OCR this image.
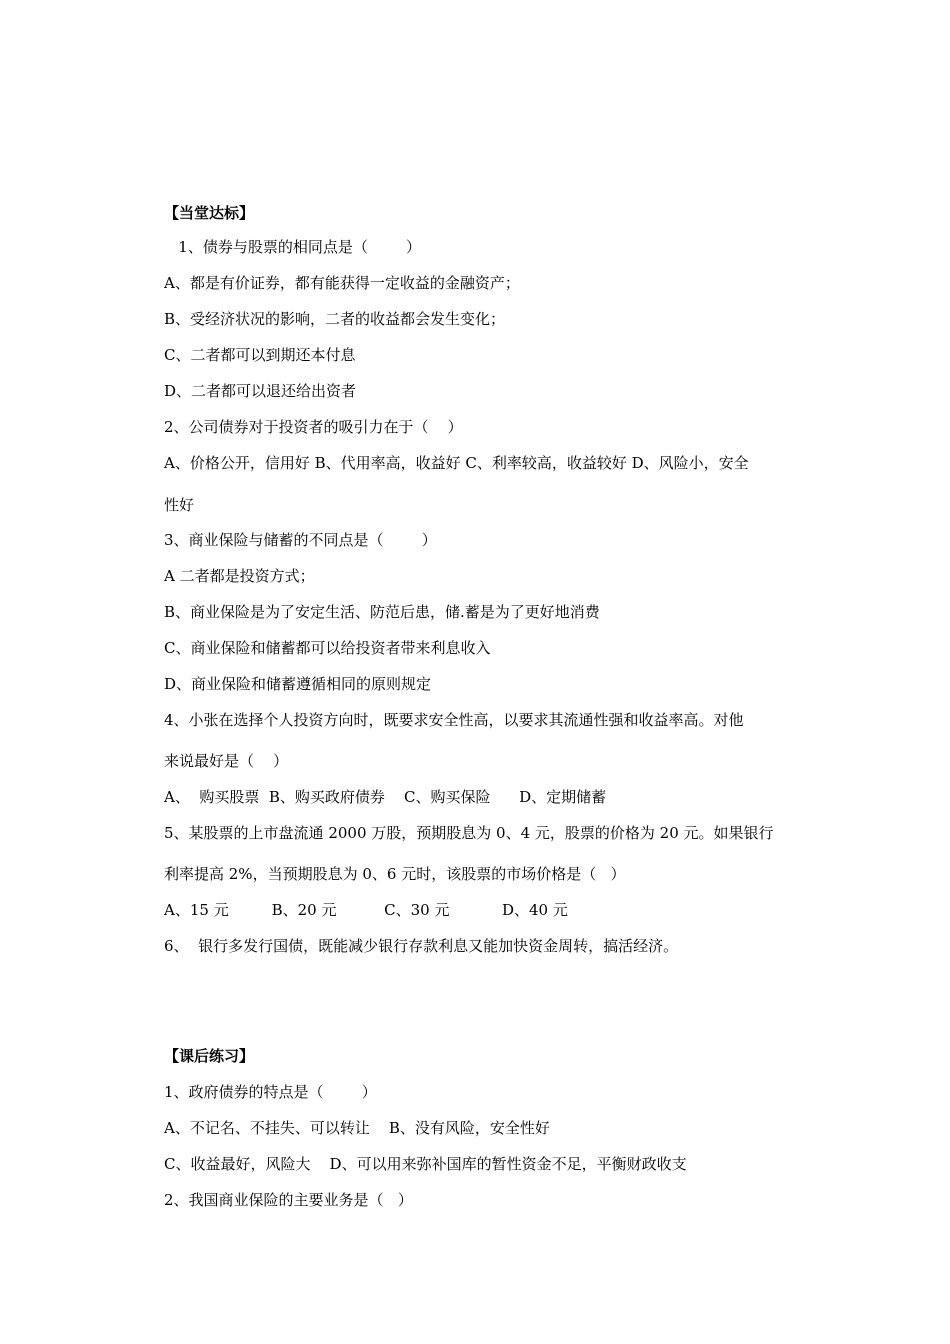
【当堂达标】
1、债券与股票的相同点是（        ）
A、都是有价证券，都有能获得一定收益的金融资产；
B、受经济状况的影响，二者的收益都会发生变化；
C、二者都可以到期还本付息
D、二者都可以退还给出资者
2、公司债券对于投资者的吸引力在于（    ）
A、价格公开，信用好 B、代用率高，收益好 C、利率较高，收益较好 D、风险小，安全
性好
3、商业保险与储蓄的不同点是（        ）
A 二者都是投资方式；
B、商业保险是为了安定生活、防范后患，储.蓄是为了更好地消费
C、商业保险和储蓄都可以给投资者带来利息收入
D、商业保险和储蓄遵循相同的原则规定
4、小张在选择个人投资方向时，既要求安全性高，以要求其流通性强和收益率高。对他
来说最好是（    ）
A、  购买股票  B、购买政府债券    C、购买保险      D、定期储蓄
5、某股票的上市盘流通 2000 万股，预期股息为 0、4 元，股票的价格为 20 元。如果银行
利率提高 2%，当预期股息为 0、6 元时，该股票的市场价格是（   ）
A、15 元         B、20 元          C、30 元           D、40 元
6、  银行多发行国债，既能减少银行存款利息又能加快资金周转，搞活经济。
【课后练习】
1、政府债券的特点是（        ）
A、不记名、不挂失、可以转让    B、没有风险，安全性好
C、收益最好，风险大    D、可以用来弥补国库的暂性资金不足，平衡财政收支
2、我国商业保险的主要业务是（   ）
